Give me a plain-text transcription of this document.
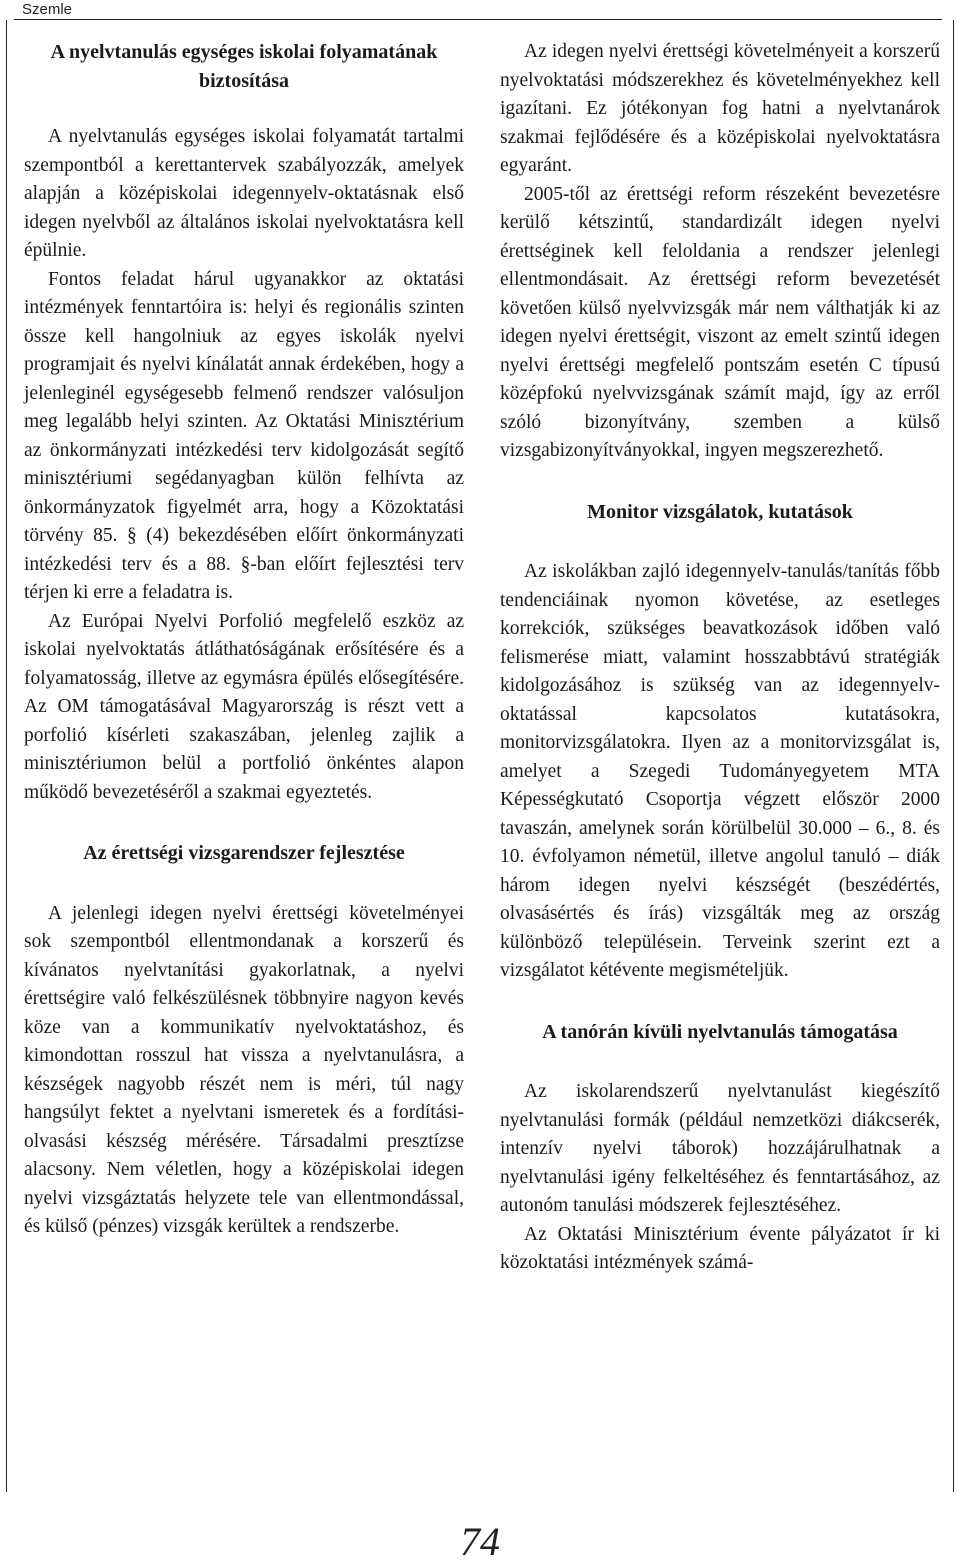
Szemle
A nyelvtanulás egységes iskolai folyamatának biztosítása

A nyelvtanulás egységes iskolai folyamatát tartalmi szempontból a kerettantervek szabályozzák, amelyek alapján a középiskolai idegennyelv-oktatásnak első idegen nyelvből az általános iskolai nyelvoktatásra kell épülnie.

Fontos feladat hárul ugyanakkor az oktatási intézmények fenntartóira is: helyi és regionális szinten össze kell hangolniuk az egyes iskolák nyelvi programjait és nyelvi kínálatát annak érdekében, hogy a jelenleginél egységesebb felmenő rendszer valósuljon meg legalább helyi szinten. Az Oktatási Minisztérium az önkormányzati intézkedési terv kidolgozását segítő minisztériumi segédanyagban külön felhívta az önkormányzatok figyelmét arra, hogy a Közoktatási törvény 85. § (4) bekezdésében előírt önkormányzati intézkedési terv és a 88. §-ban előírt fejlesztési terv térjen ki erre a feladatra is.

Az Európai Nyelvi Porfolió megfelelő eszköz az iskolai nyelvoktatás átláthatóságának erősítésére és a folyamatosság, illetve az egymásra épülés elősegítésére. Az OM támogatásával Magyarország is részt vett a porfolió kísérleti szakaszában, jelenleg zajlik a minisztériumon belül a portfolió önkéntes alapon működő bevezetéséről a szakmai egyeztetés.

Az érettségi vizsgarendszer fejlesztése

A jelenlegi idegen nyelvi érettségi követelményei sok szempontból ellentmondanak a korszerű és kívánatos nyelvtanítási gyakorlatnak, a nyelvi érettségire való felkészülésnek többnyire nagyon kevés köze van a kommunikatív nyelvoktatáshoz, és kimondottan rosszul hat vissza a nyelvtanulásra, a készségek nagyobb részét nem is méri, túl nagy hangsúlyt fektet a nyelvtani ismeretek és a fordítási-olvasási készség mérésére. Társadalmi presztízse alacsony. Nem véletlen, hogy a középiskolai idegen nyelvi vizsgáztatás helyzete tele van ellentmondással, és külső (pénzes) vizsgák kerültek a rendszerbe.

Az idegen nyelvi érettségi követelményeit a korszerű nyelvoktatási módszerekhez és követelményekhez kell igazítani. Ez jótékonyan fog hatni a nyelvtanárok szakmai fejlődésére és a középiskolai nyelvoktatásra egyaránt.

2005-től az érettségi reform részeként bevezetésre kerülő kétszintű, standardizált idegen nyelvi érettséginek kell feloldania a rendszer jelenlegi ellentmondásait. Az érettségi reform bevezetését követően külső nyelvvizsgák már nem válthatják ki az idegen nyelvi érettségit, viszont az emelt szintű idegen nyelvi érettségi megfelelő pontszám esetén C típusú középfokú nyelvvizsgának számít majd, így az erről szóló bizonyítvány, szemben a külső vizsgabizonyítványokkal, ingyen megszerezhető.

Monitor vizsgálatok, kutatások

Az iskolákban zajló idegennyelv-tanulás/tanítás főbb tendenciáinak nyomon követése, az esetleges korrekciók, szükséges beavatkozások időben való felismerése miatt, valamint hosszabbtávú stratégiák kidolgozásához is szükség van az idegennyelv-oktatással kapcsolatos kutatásokra, monitorvizsgálatokra. Ilyen az a monitorvizsgálat is, amelyet a Szegedi Tudományegyetem MTA Képességkutató Csoportja végzett először 2000 tavaszán, amelynek során körülbelül 30.000 – 6., 8. és 10. évfolyamon németül, illetve angolul tanuló – diák három idegen nyelvi készségét (beszédértés, olvasásértés és írás) vizsgálták meg az ország különböző településein. Terveink szerint ezt a vizsgálatot kétévente megismételjük.

A tanórán kívüli nyelvtanulás támogatása

Az iskolarendszerű nyelvtanulást kiegészítő nyelvtanulási formák (például nemzetközi diákcserék, intenzív nyelvi táborok) hozzájárulhatnak a nyelvtanulási igény felkeltéséhez és fenntartásához, az autonóm tanulási módszerek fejlesztéséhez.

Az Oktatási Minisztérium évente pályázatot ír ki közoktatási intézmények számá-

74
